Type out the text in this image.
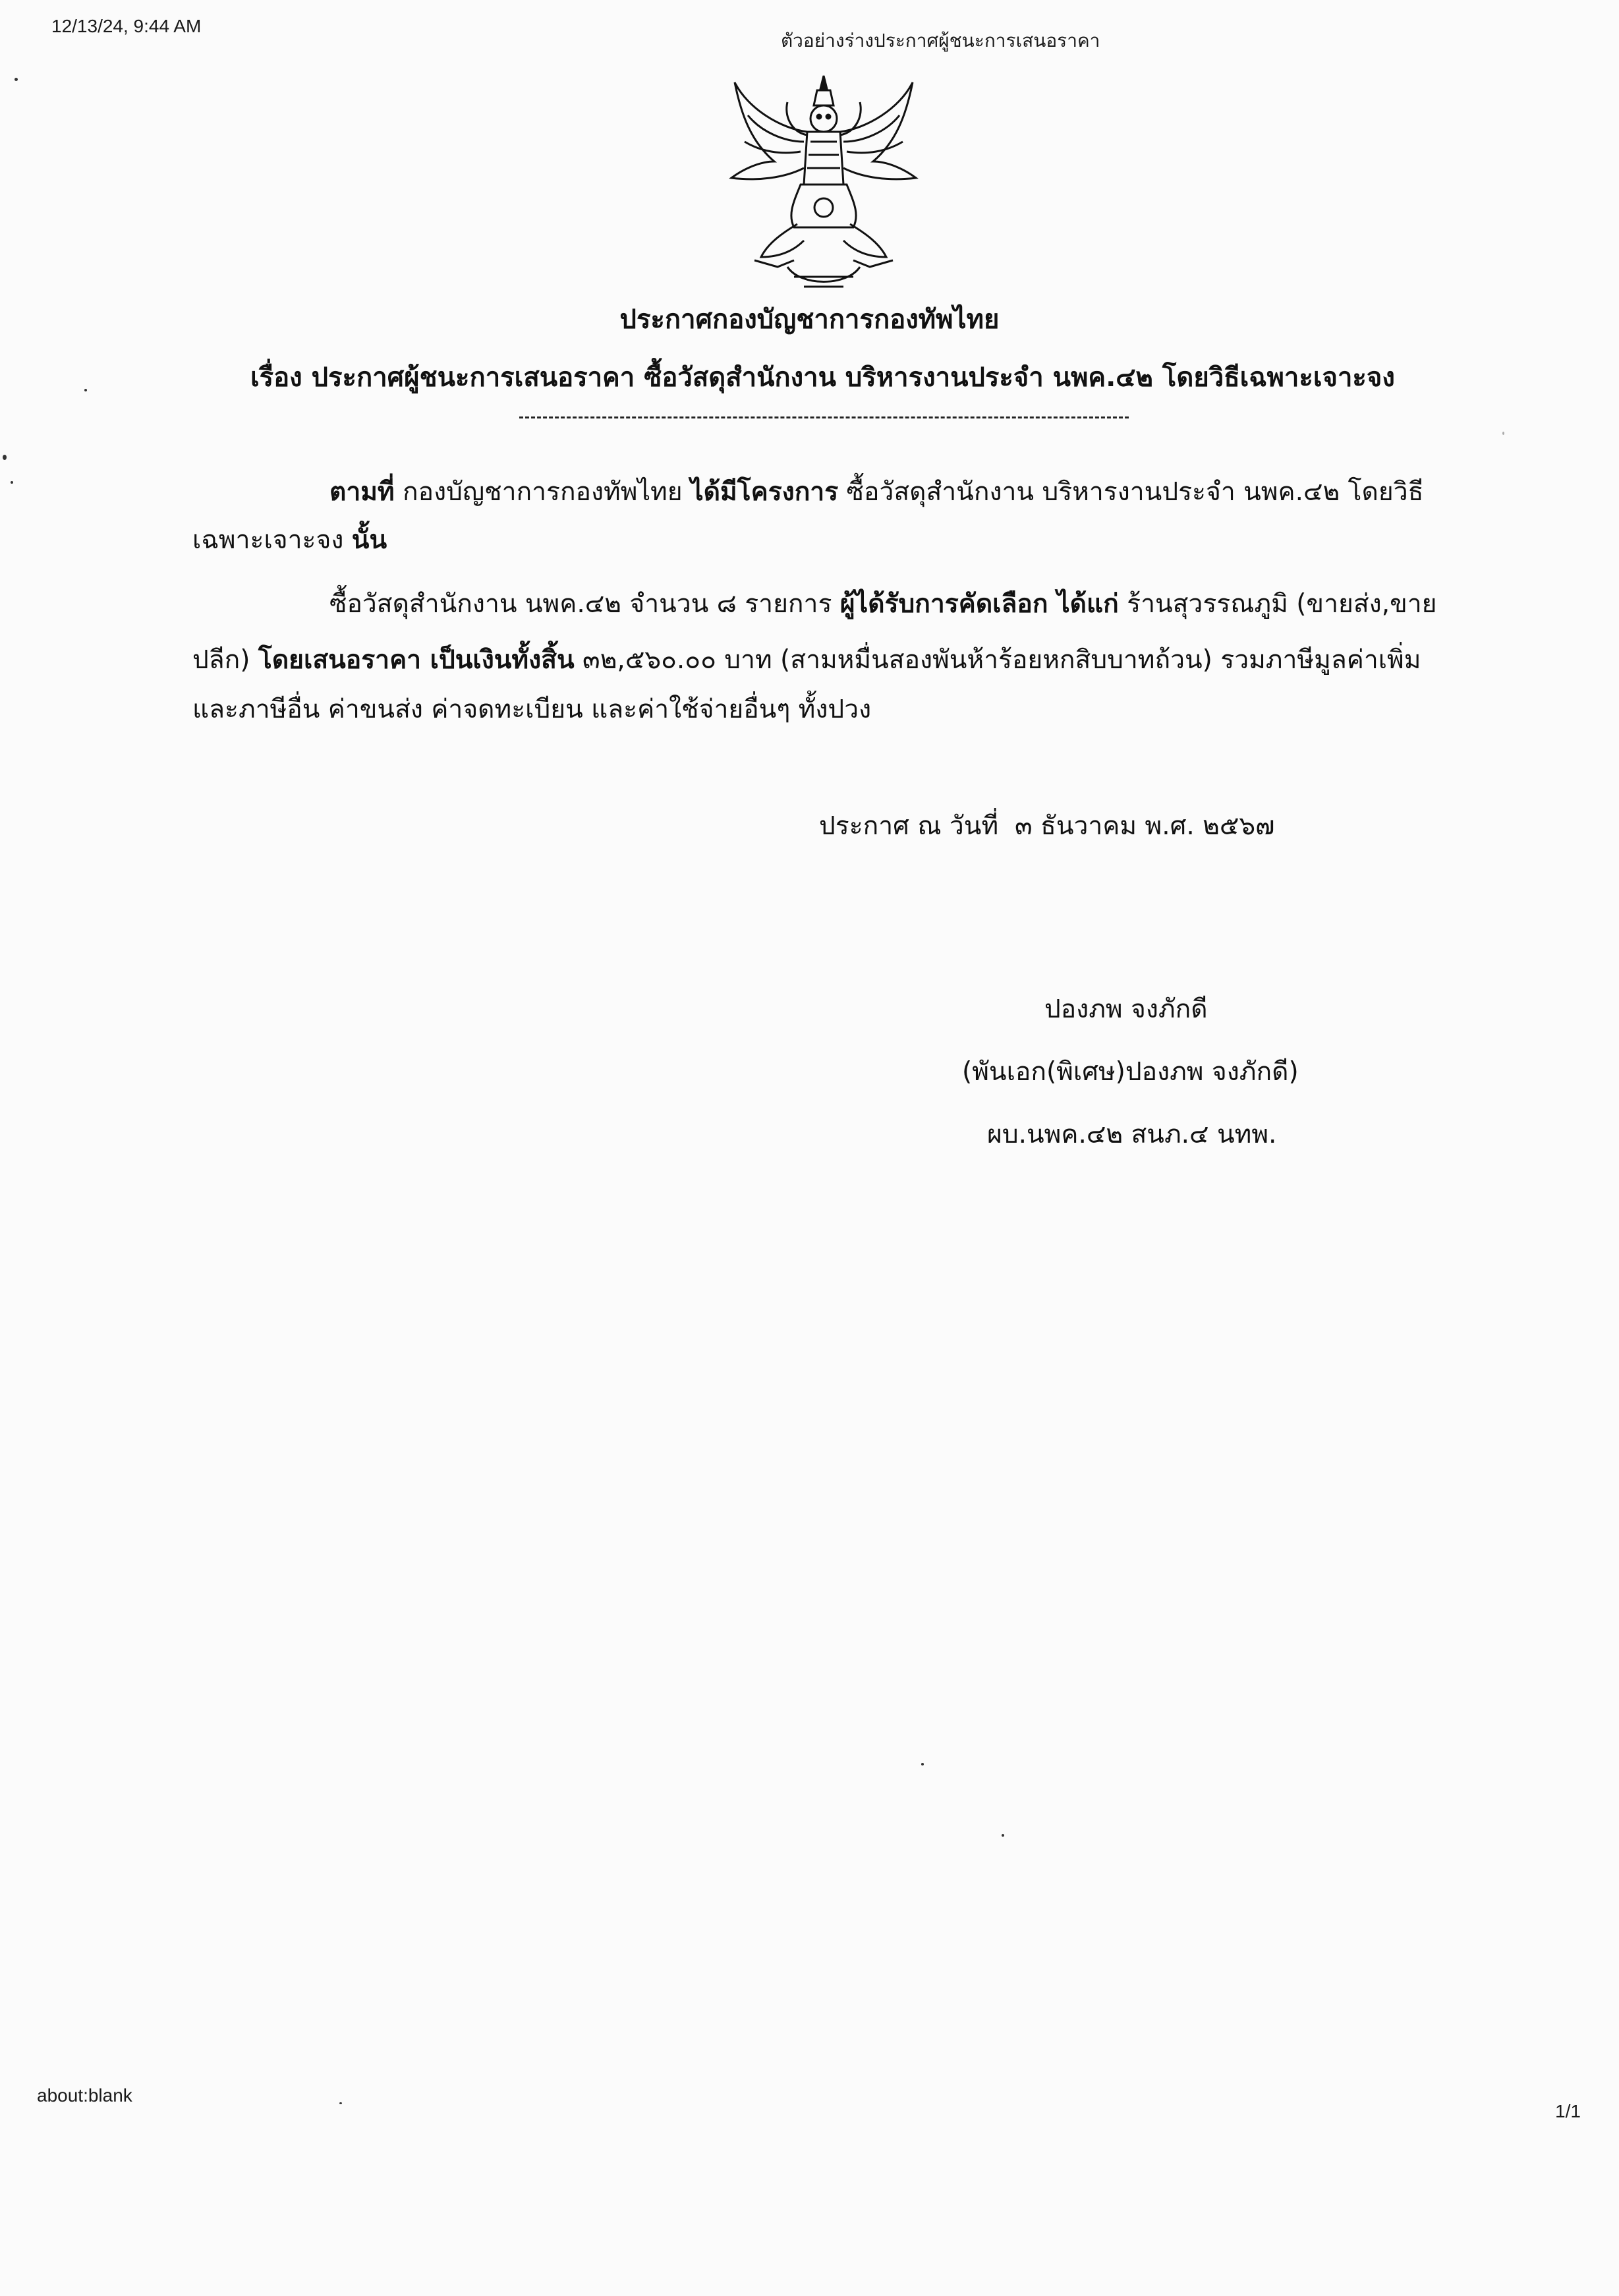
12/13/24, 9:44 AM
ตัวอย่างร่างประกาศผู้ชนะการเสนอราคา
ประกาศกองบัญชาการกองทัพไทย
เรื่อง ประกาศผู้ชนะการเสนอราคา ซื้อวัสดุสำนักงาน บริหารงานประจำ นพค.๔๒ โดยวิธีเฉพาะเจาะจง
ตามที่ กองบัญชาการกองทัพไทย ได้มีโครงการ ซื้อวัสดุสำนักงาน บริหารงานประจำ นพค.๔๒ โดยวิธี
เฉพาะเจาะจง นั้น
ซื้อวัสดุสำนักงาน นพค.๔๒ จำนวน ๘ รายการ ผู้ได้รับการคัดเลือก ได้แก่ ร้านสุวรรณภูมิ (ขายส่ง,ขาย
ปลีก) โดยเสนอราคา เป็นเงินทั้งสิ้น ๓๒,๕๖๐.๐๐ บาท (สามหมื่นสองพันห้าร้อยหกสิบบาทถ้วน) รวมภาษีมูลค่าเพิ่ม
และภาษีอื่น ค่าขนส่ง ค่าจดทะเบียน และค่าใช้จ่ายอื่นๆ ทั้งปวง
ประกาศ ณ วันที่  ๓ ธันวาคม พ.ศ. ๒๕๖๗
ปองภพ จงภักดี
(พันเอก(พิเศษ)ปองภพ จงภักดี)
ผบ.นพค.๔๒ สนภ.๔ นทพ.
about:blank
1/1
